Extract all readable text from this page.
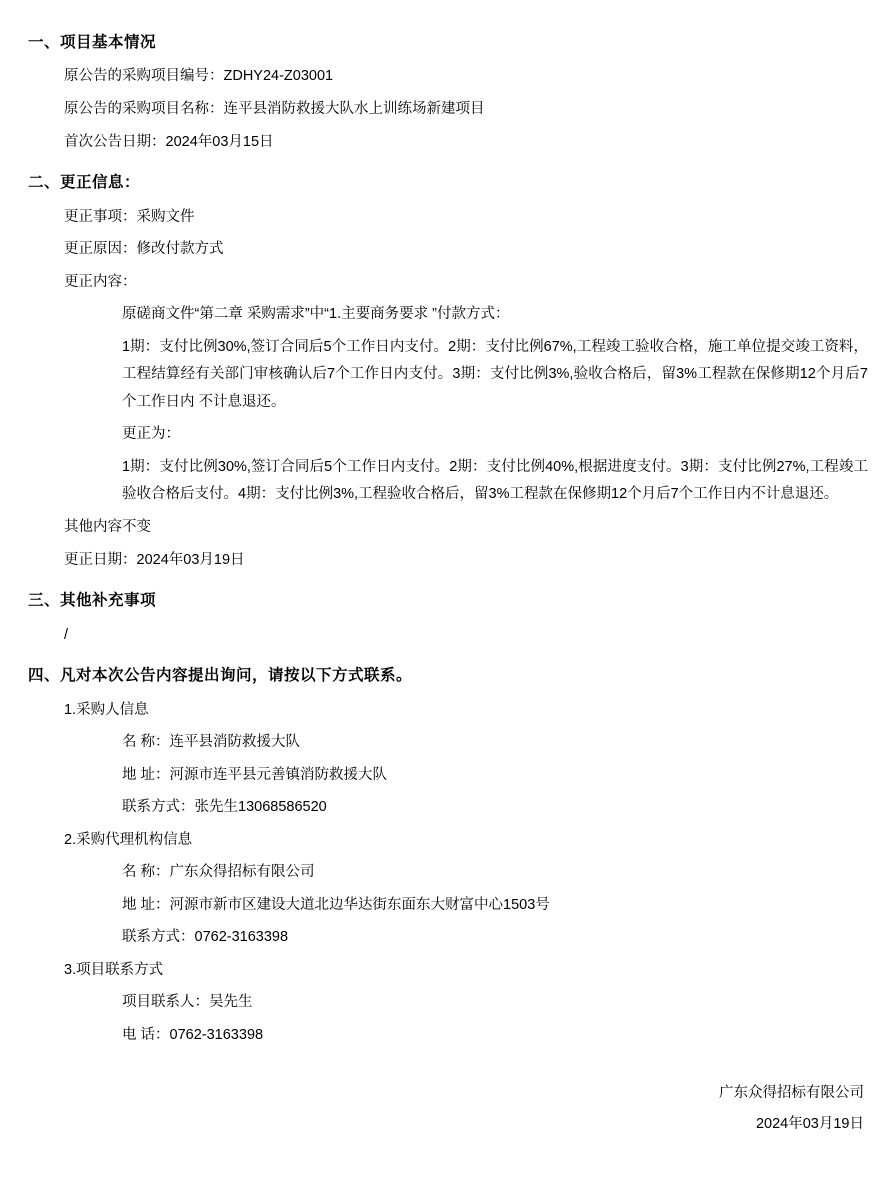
一、项目基本情况
原公告的采购项目编号：ZDHY24-Z03001
原公告的采购项目名称：连平县消防救援大队水上训练场新建项目
首次公告日期：2024年03月15日
二、更正信息：
更正事项：采购文件
更正原因：修改付款方式
更正内容：
原磋商文件“第二章 采购需求”中“1.主要商务要求 ”付款方式：
1期：支付比例30%,签订合同后5个工作日内支付。2期：支付比例67%,工程竣工验收合格，施工单位提交竣工资料，工程结算经有关部门审核确认后7个工作日内支付。3期：支付比例3%,验收合格后，留3%工程款在保修期12个月后7个工作日内 不计息退还。
更正为：
1期：支付比例30%,签订合同后5个工作日内支付。2期：支付比例40%,根据进度支付。3期：支付比例27%,工程竣工验收合格后支付。4期：支付比例3%,工程验收合格后，留3%工程款在保修期12个月后7个工作日内不计息退还。
其他内容不变
更正日期：2024年03月19日
三、其他补充事项
/
四、凡对本次公告内容提出询问，请按以下方式联系。
1.采购人信息
名 称：连平县消防救援大队
地 址：河源市连平县元善镇消防救援大队
联系方式：张先生13068586520
2.采购代理机构信息
名 称：广东众得招标有限公司
地 址：河源市新市区建设大道北边华达街东面东大财富中心1503号
联系方式：0762-3163398
3.项目联系方式
项目联系人：吴先生
电 话：0762-3163398
广东众得招标有限公司
2024年03月19日
